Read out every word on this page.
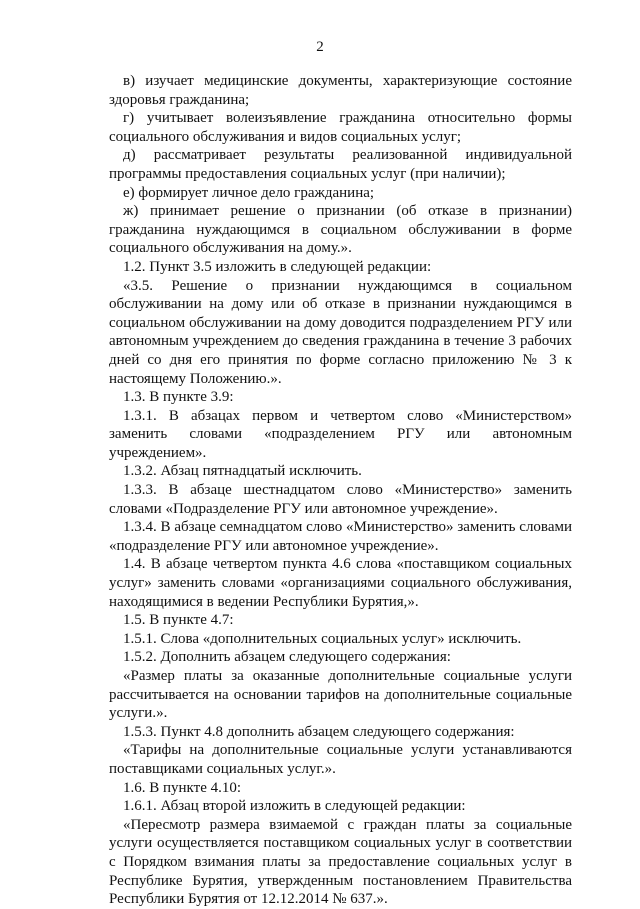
2

в) изучает медицинские документы, характеризующие состояние здоровья гражданина;

г) учитывает волеизъявление гражданина относительно формы социального обслуживания и видов социальных услуг;

д) рассматривает результаты реализованной индивидуальной программы предоставления социальных услуг (при наличии);

е) формирует личное дело гражданина;

ж) принимает решение о признании (об отказе в признании) гражданина нуждающимся в социальном обслуживании в форме социального обслуживания на дому.».

1.2. Пункт 3.5 изложить в следующей редакции:

«3.5. Решение о признании нуждающимся в социальном обслуживании на дому или об отказе в признании нуждающимся в социальном обслуживании на дому доводится подразделением РГУ или автономным учреждением до сведения гражданина в течение 3 рабочих дней со дня его принятия по форме согласно приложению № 3 к настоящему Положению.».

1.3. В пункте 3.9:

1.3.1. В абзацах первом и четвертом слово «Министерством» заменить словами «подразделением РГУ или автономным учреждением».

1.3.2. Абзац пятнадцатый исключить.

1.3.3. В абзаце шестнадцатом слово «Министерство» заменить словами «Подразделение РГУ или автономное учреждение».

1.3.4. В абзаце семнадцатом слово «Министерство» заменить словами «подразделение РГУ или автономное учреждение».

1.4. В абзаце четвертом пункта 4.6 слова «поставщиком социальных услуг» заменить словами «организациями социального обслуживания, находящимися в ведении Республики Бурятия,».

1.5. В пункте 4.7:

1.5.1. Слова «дополнительных социальных услуг» исключить.

1.5.2. Дополнить абзацем следующего содержания:

«Размер платы за оказанные дополнительные социальные услуги рассчитывается на основании тарифов на дополнительные социальные услуги.».

1.5.3. Пункт 4.8 дополнить абзацем следующего содержания:

«Тарифы на дополнительные социальные услуги устанавливаются поставщиками социальных услуг.».

1.6. В пункте 4.10:

1.6.1. Абзац второй изложить в следующей редакции:

«Пересмотр размера взимаемой с граждан платы за социальные услуги осуществляется поставщиком социальных услуг в соответствии с Порядком взимания платы за предоставление социальных услуг в Республике Бурятия, утвержденным постановлением Правительства Республики Бурятия от 12.12.2014 № 637.».
